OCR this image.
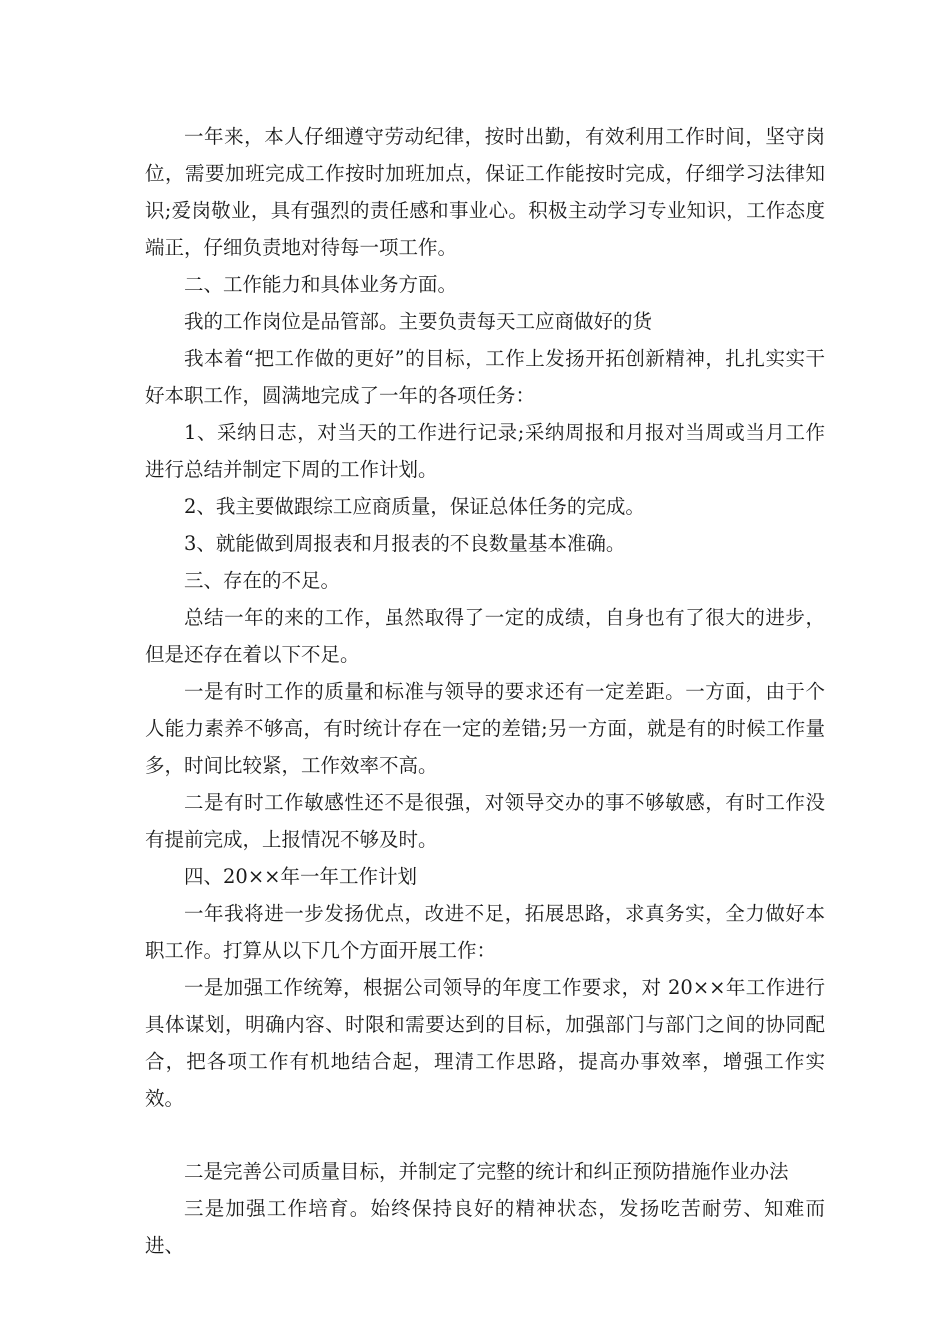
一年来，本人仔细遵守劳动纪律，按时出勤，有效利用工作时间，坚守岗位，需要加班完成工作按时加班加点，保证工作能按时完成，仔细学习法律知识;爱岗敬业，具有强烈的责任感和事业心。积极主动学习专业知识，工作态度端正，仔细负责地对待每一项工作。

二、工作能力和具体业务方面。

我的工作岗位是品管部。主要负责每天工应商做好的货

我本着“把工作做的更好”的目标，工作上发扬开拓创新精神，扎扎实实干好本职工作，圆满地完成了一年的各项任务：

1、采纳日志，对当天的工作进行记录;采纳周报和月报对当周或当月工作进行总结并制定下周的工作计划。

2、我主要做跟综工应商质量，保证总体任务的完成。

3、就能做到周报表和月报表的不良数量基本准确。

三、存在的不足。

总结一年的来的工作，虽然取得了一定的成绩，自身也有了很大的进步，但是还存在着以下不足。

一是有时工作的质量和标准与领导的要求还有一定差距。一方面，由于个人能力素养不够高，有时统计存在一定的差错;另一方面，就是有的时候工作量多，时间比较紧，工作效率不高。

二是有时工作敏感性还不是很强，对领导交办的事不够敏感，有时工作没有提前完成，上报情况不够及时。

四、20××年一年工作计划

一年我将进一步发扬优点，改进不足，拓展思路，求真务实，全力做好本职工作。打算从以下几个方面开展工作：

一是加强工作统筹，根据公司领导的年度工作要求，对 20××年工作进行具体谋划，明确内容、时限和需要达到的目标，加强部门与部门之间的协同配合，把各项工作有机地结合起，理清工作思路，提高办事效率，增强工作实效。

二是完善公司质量目标，并制定了完整的统计和纠正预防措施作业办法

三是加强工作培育。始终保持良好的精神状态，发扬吃苦耐劳、知难而进、
